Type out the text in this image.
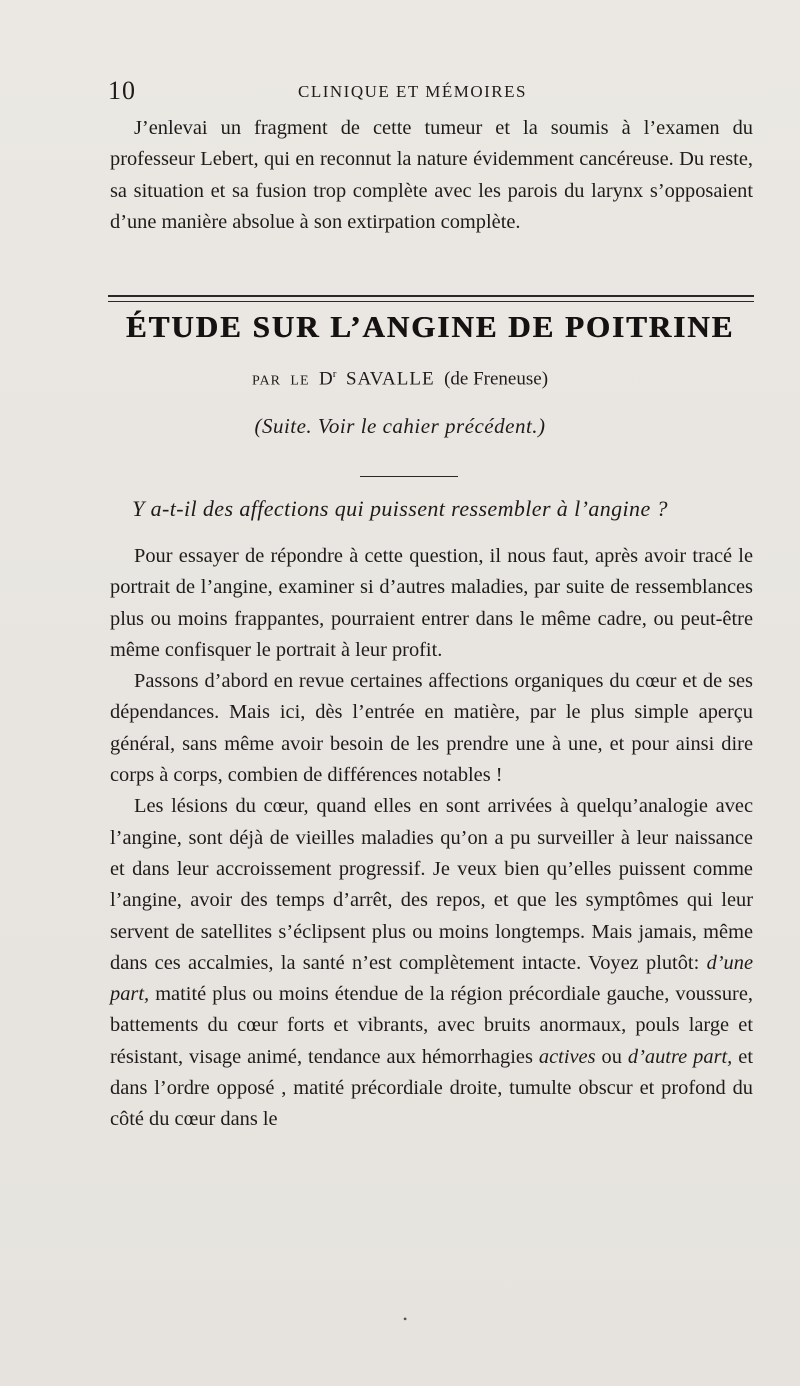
10	CLINIQUE ET MÉMOIRES

J’enlevai un fragment de cette tumeur et la soumis à l’examen du professeur Lebert, qui en reconnut la nature évidemment cancéreuse. Du reste, sa situation et sa fusion trop complète avec les parois du larynx s’opposaient d’une manière absolue à son extirpation complète.

ÉTUDE SUR L’ANGINE DE POITRINE
PAR LE $D^r$ SAVALLE (de Freneuse)
(Suite. Voir le cahier précédent.)
Y a-t-il des affections qui puissent ressembler à l’angine ?

Pour essayer de répondre à cette question, il nous faut, après avoir tracé le portrait de l’angine, examiner si d’autres maladies, par suite de ressemblances plus ou moins frappantes, pourraient entrer dans le même cadre, ou peut-être même confisquer le portrait à leur profit.

Passons d’abord en revue certaines affections organiques du cœur et de ses dépendances. Mais ici, dès l’entrée en matière, par le plus simple aperçu général, sans même avoir besoin de les prendre une à une, et pour ainsi dire corps à corps, combien de différences notables !

Les lésions du cœur, quand elles en sont arrivées à quelqu’analogie avec l’angine, sont déjà de vieilles maladies qu’on a pu surveiller à leur naissance et dans leur accroissement progressif. Je veux bien qu’elles puissent comme l’angine, avoir des temps d’arrêt, des repos, et que les symptômes qui leur servent de satellites s’éclipsent plus ou moins longtemps. Mais jamais, même dans ces accalmies, la santé n’est complètement intacte. Voyez plutôt: d’une part, matité plus ou moins étendue de la région précordiale gauche, voussure, battements du cœur forts et vibrants, avec bruits anormaux, pouls large et résistant, visage animé, tendance aux hémorrhagies actives ou d’autre part, et dans l’ordre opposé , matité précordiale droite, tumulte obscur et profond du côté du cœur dans le

•
